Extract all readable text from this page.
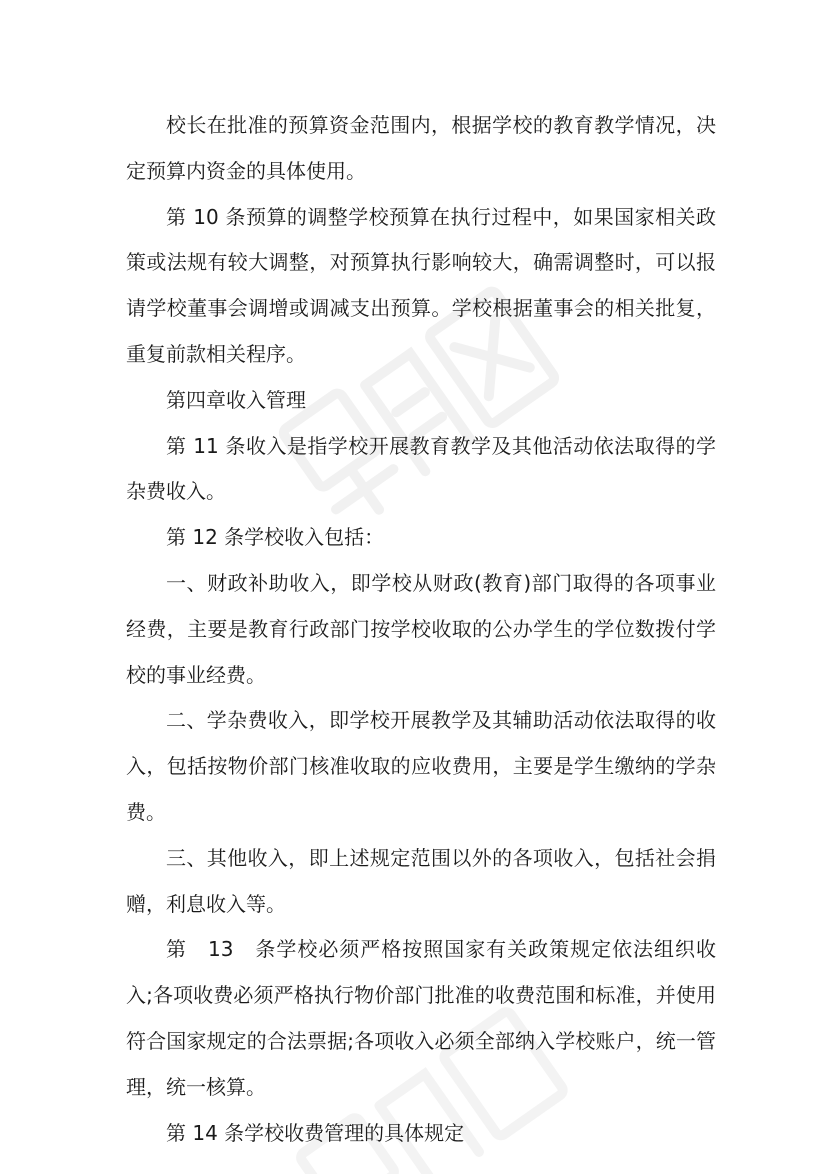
校长在批准的预算资金范围内，根据学校的教育教学情况，决定预算内资金的具体使用。

第 10 条预算的调整学校预算在执行过程中，如果国家相关政策或法规有较大调整，对预算执行影响较大，确需调整时，可以报请学校董事会调增或调减支出预算。学校根据董事会的相关批复，重复前款相关程序。

第四章收入管理

第 11 条收入是指学校开展教育教学及其他活动依法取得的学杂费收入。

第 12 条学校收入包括：

一、财政补助收入，即学校从财政(教育)部门取得的各项事业经费，主要是教育行政部门按学校收取的公办学生的学位数拨付学校的事业经费。

二、学杂费收入，即学校开展教学及其辅助活动依法取得的收入，包括按物价部门核准收取的应收费用，主要是学生缴纳的学杂费。

三、其他收入，即上述规定范围以外的各项收入，包括社会捐赠，利息收入等。

第　13　条学校必须严格按照国家有关政策规定依法组织收入;各项收费必须严格执行物价部门批准的收费范围和标准，并使用符合国家规定的合法票据;各项收入必须全部纳入学校账户，统一管理，统一核算。

第 14 条学校收费管理的具体规定
